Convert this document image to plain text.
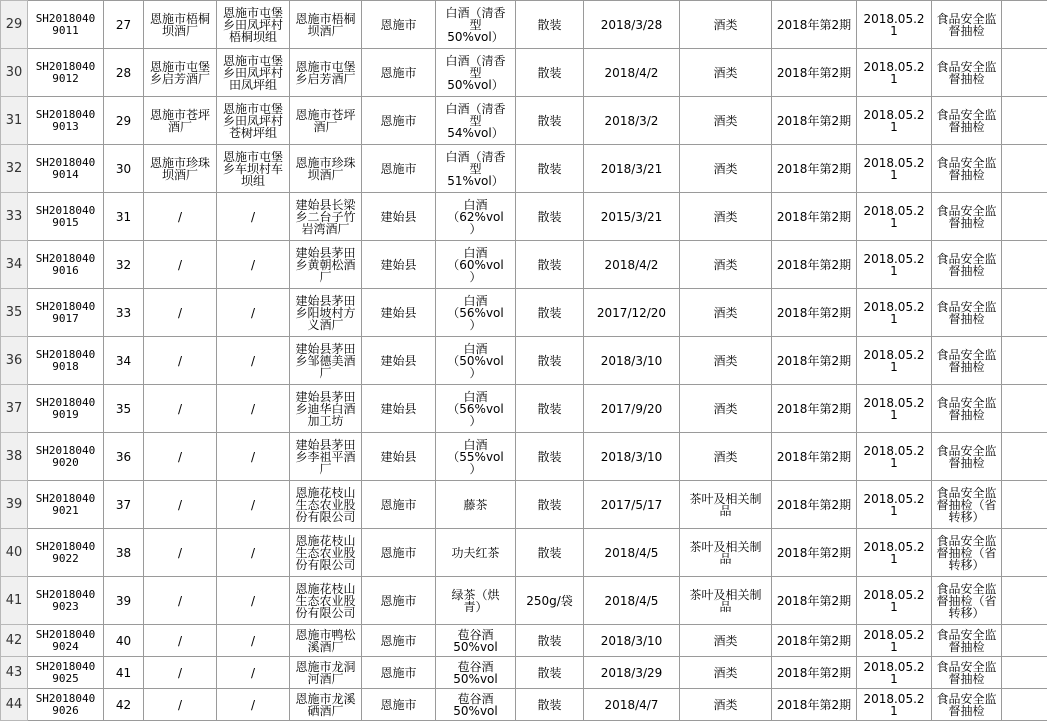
29	SH2018040
9011	27	恩施市梧桐
坝酒厂	恩施市屯堡
乡田凤坪村
梧桐坝组	恩施市梧桐
坝酒厂	恩施市	白酒（清香
型
50%vol）	散装	2018/3/28	酒类	2018年第2期	2018.05.2
1	食品安全监
督抽检	
30	SH2018040
9012	28	恩施市屯堡
乡启芳酒厂	恩施市屯堡
乡田凤坪村
田凤坪组	恩施市屯堡
乡启芳酒厂	恩施市	白酒（清香
型
50%vol）	散装	2018/4/2	酒类	2018年第2期	2018.05.2
1	食品安全监
督抽检	
31	SH2018040
9013	29	恩施市苍坪
酒厂	恩施市屯堡
乡田凤坪村
苍树坪组	恩施市苍坪
酒厂	恩施市	白酒（清香
型
54%vol）	散装	2018/3/2	酒类	2018年第2期	2018.05.2
1	食品安全监
督抽检	
32	SH2018040
9014	30	恩施市珍珠
坝酒厂	恩施市屯堡
乡车坝村车
坝组	恩施市珍珠
坝酒厂	恩施市	白酒（清香
型
51%vol）	散装	2018/3/21	酒类	2018年第2期	2018.05.2
1	食品安全监
督抽检	
33	SH2018040
9015	31	/	/	建始县长梁
乡二台子竹
岩湾酒厂	建始县	白酒
（62%vol
）	散装	2015/3/21	酒类	2018年第2期	2018.05.2
1	食品安全监
督抽检	
34	SH2018040
9016	32	/	/	建始县茅田
乡黄朝松酒
厂	建始县	白酒
（60%vol
）	散装	2018/4/2	酒类	2018年第2期	2018.05.2
1	食品安全监
督抽检	
35	SH2018040
9017	33	/	/	建始县茅田
乡阳坡村方
义酒厂	建始县	白酒
（56%vol
）	散装	2017/12/20	酒类	2018年第2期	2018.05.2
1	食品安全监
督抽检	
36	SH2018040
9018	34	/	/	建始县茅田
乡邹德美酒
厂	建始县	白酒
（50%vol
）	散装	2018/3/10	酒类	2018年第2期	2018.05.2
1	食品安全监
督抽检	
37	SH2018040
9019	35	/	/	建始县茅田
乡迪华白酒
加工坊	建始县	白酒
（56%vol
）	散装	2017/9/20	酒类	2018年第2期	2018.05.2
1	食品安全监
督抽检	
38	SH2018040
9020	36	/	/	建始县茅田
乡李祖平酒
厂	建始县	白酒
（55%vol
）	散装	2018/3/10	酒类	2018年第2期	2018.05.2
1	食品安全监
督抽检	
39	SH2018040
9021	37	/	/	恩施花枝山
生态农业股
份有限公司	恩施市	藤茶	散装	2017/5/17	茶叶及相关制
品	2018年第2期	2018.05.2
1	食品安全监
督抽检（省
转移）	
40	SH2018040
9022	38	/	/	恩施花枝山
生态农业股
份有限公司	恩施市	功夫红茶	散装	2018/4/5	茶叶及相关制
品	2018年第2期	2018.05.2
1	食品安全监
督抽检（省
转移）	
41	SH2018040
9023	39	/	/	恩施花枝山
生态农业股
份有限公司	恩施市	绿茶（烘
青）	250g/袋	2018/4/5	茶叶及相关制
品	2018年第2期	2018.05.2
1	食品安全监
督抽检（省
转移）	
42	SH2018040
9024	40	/	/	恩施市鸭松
溪酒厂	恩施市	苞谷酒
50%vol	散装	2018/3/10	酒类	2018年第2期	2018.05.2
1	食品安全监
督抽检	
43	SH2018040
9025	41	/	/	恩施市龙洞
河酒厂	恩施市	苞谷酒
50%vol	散装	2018/3/29	酒类	2018年第2期	2018.05.2
1	食品安全监
督抽检	
44	SH2018040
9026	42	/	/	恩施市龙溪
硒酒厂	恩施市	苞谷酒
50%vol	散装	2018/4/7	酒类	2018年第2期	2018.05.2
1	食品安全监
督抽检	
